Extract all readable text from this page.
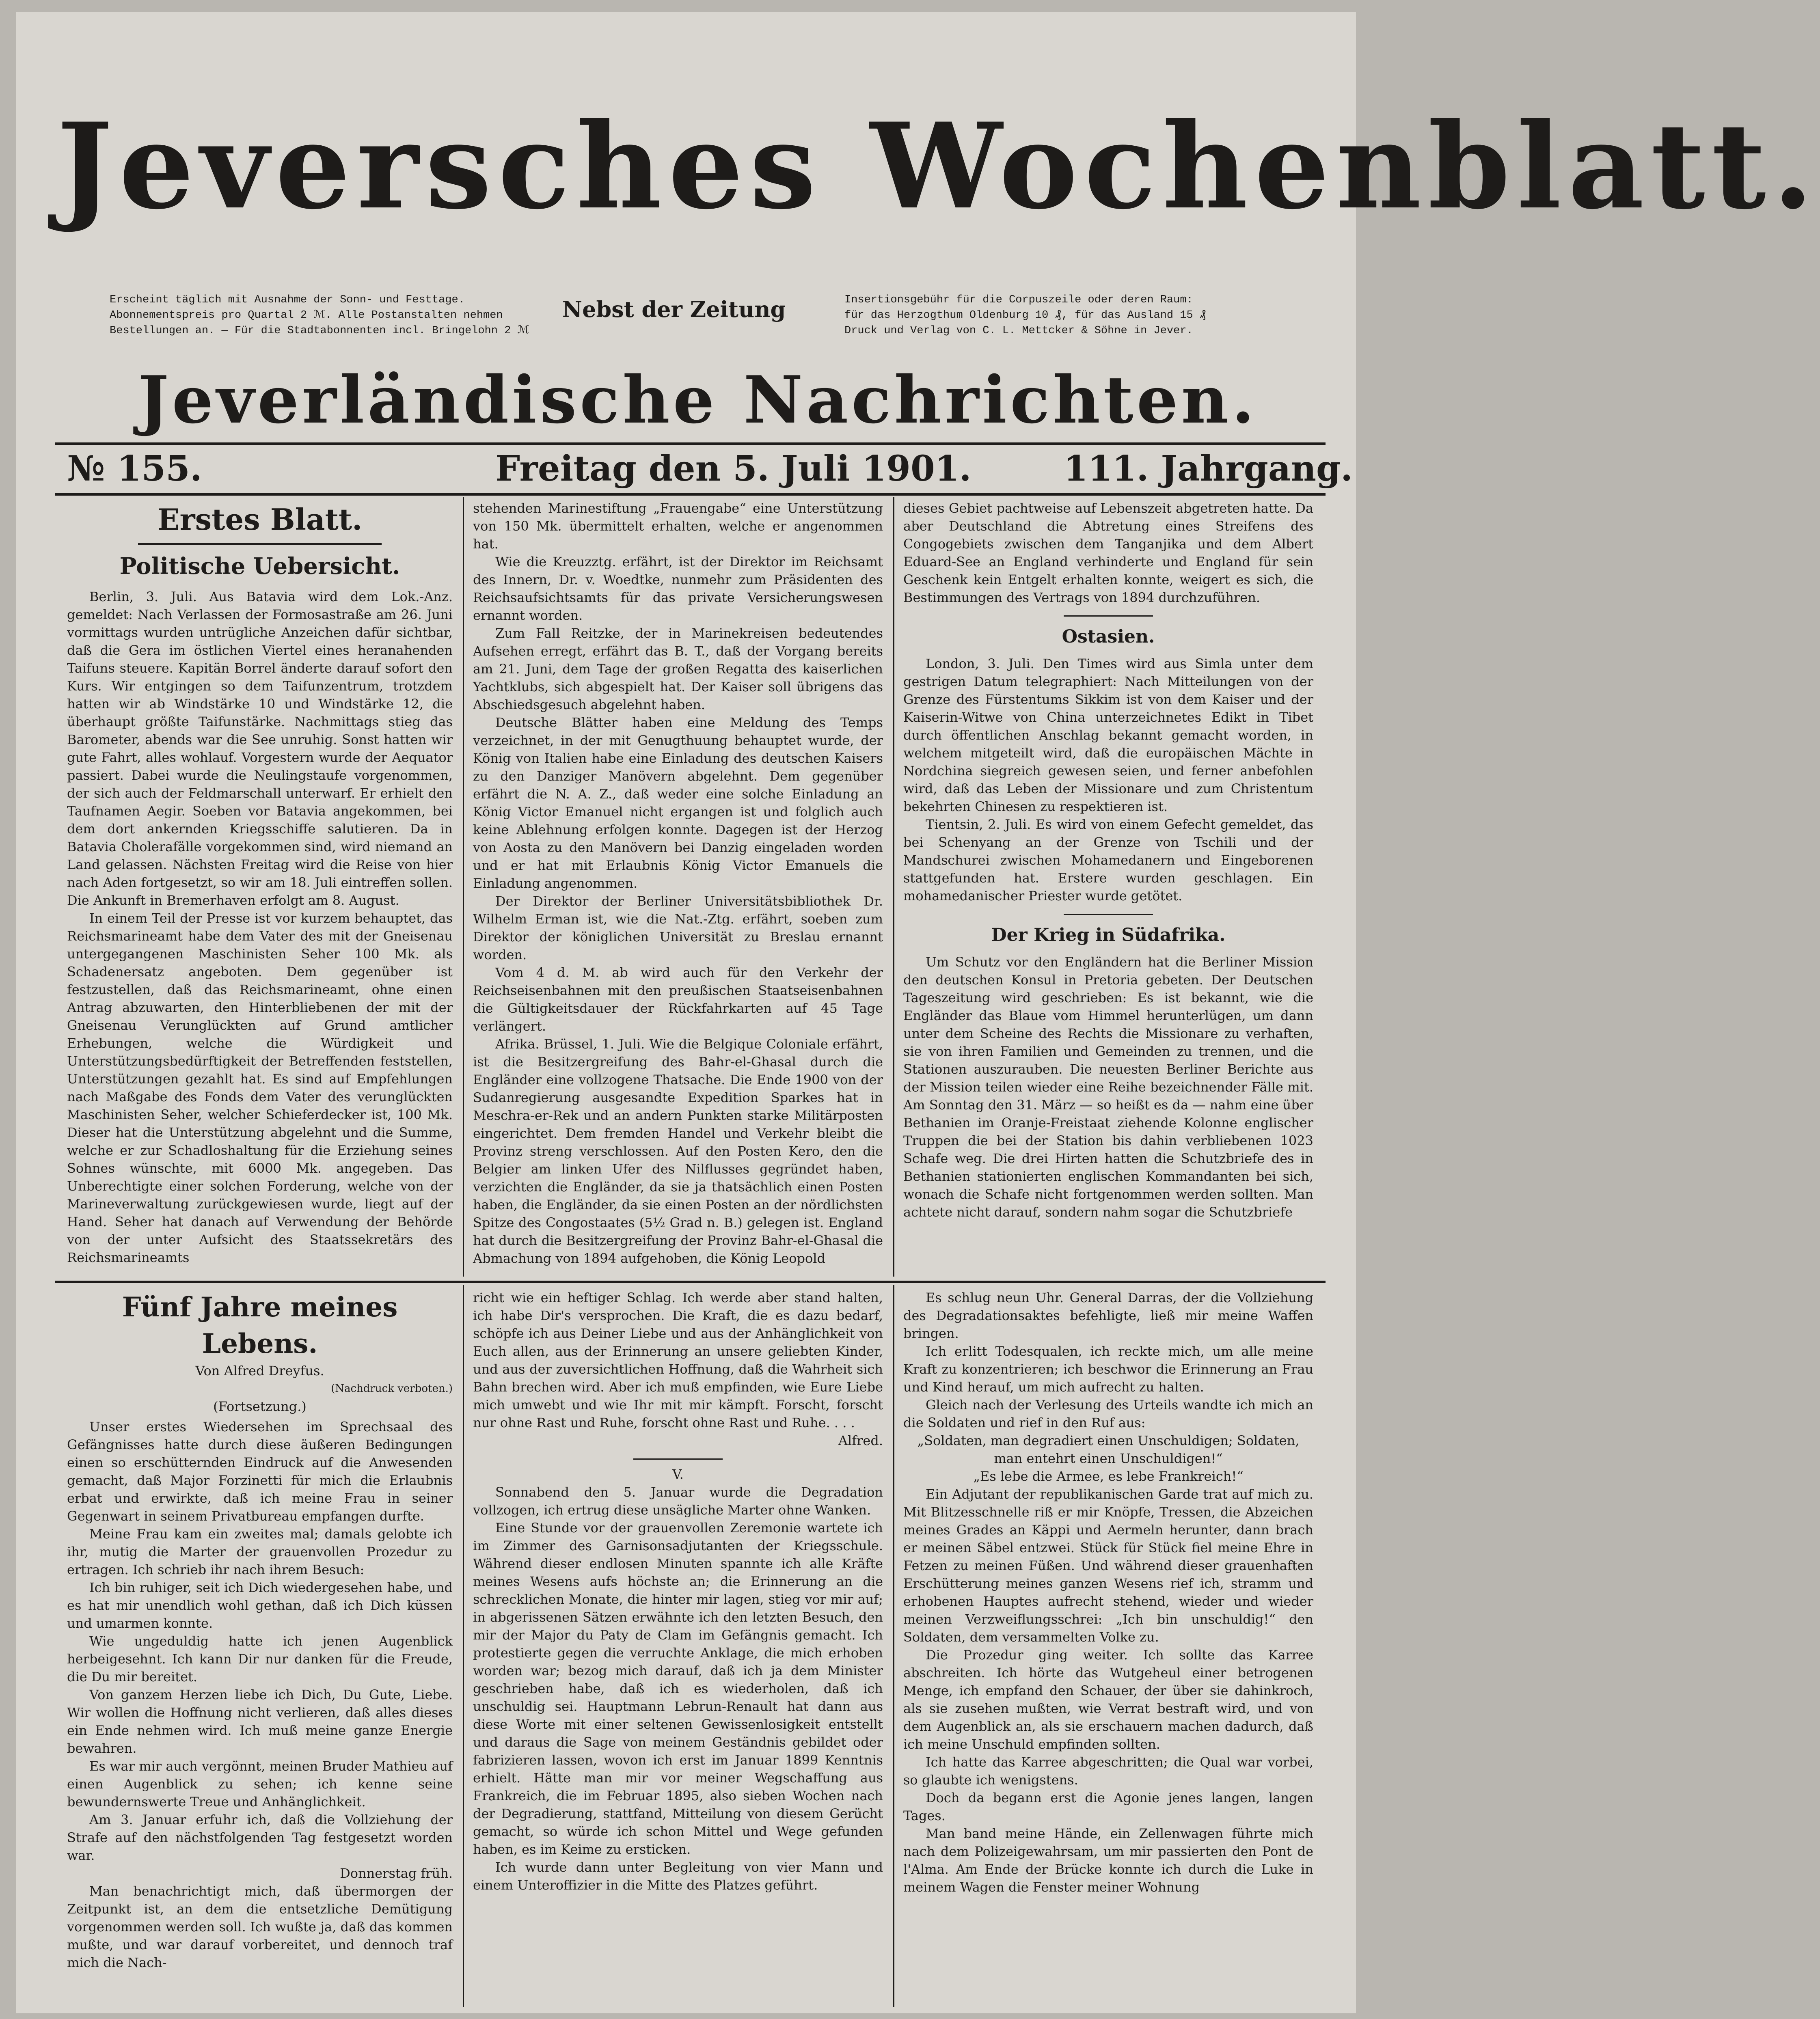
Jeversches Wochenblatt.
Erscheint täglich mit Ausnahme der Sonn- und Festtage.
Abonnementspreis pro Quartal 2 ℳ. Alle Postanstalten nehmen
Bestellungen an. — Für die Stadtabonnenten incl. Bringelohn 2 ℳ
Nebst der Zeitung	Insertionsgebühr für die Corpuszeile oder deren Raum:
für das Herzogthum Oldenburg 10 ₰, für das Ausland 15 ₰
Druck und Verlag von C. L. Mettcker & Söhne in Jever.
Jeverländische Nachrichten.
№ 155.	Freitag den 5. Juli 1901.	111. Jahrgang.
Erstes Blatt.
Politische Uebersicht.

Berlin, 3. Juli. Aus Batavia wird dem Lok.-Anz. gemeldet: Nach Verlassen der Formosastraße am 26. Juni vormittags wurden untrügliche Anzeichen dafür sichtbar, daß die Gera im östlichen Viertel eines heranahenden Taifuns steuere. Kapitän Borrel änderte darauf sofort den Kurs. Wir entgingen so dem Taifunzentrum, trotzdem hatten wir ab Windstärke 10 und Windstärke 12, die überhaupt größte Taifunstärke. Nachmittags stieg das Barometer, abends war die See unruhig. Sonst hatten wir gute Fahrt, alles wohlauf. Vorgestern wurde der Aequator passiert. Dabei wurde die Neulingstaufe vorgenommen, der sich auch der Feldmarschall unterwarf. Er erhielt den Taufnamen Aegir. Soeben vor Batavia angekommen, bei dem dort ankernden Kriegsschiffe salutieren. Da in Batavia Cholerafälle vorgekommen sind, wird niemand an Land gelassen. Nächsten Freitag wird die Reise von hier nach Aden fortgesetzt, so wir am 18. Juli eintreffen sollen. Die Ankunft in Bremerhaven erfolgt am 8. August.

In einem Teil der Presse ist vor kurzem behauptet, das Reichsmarineamt habe dem Vater des mit der Gneisenau untergegangenen Maschinisten Seher 100 Mk. als Schadenersatz angeboten. Dem gegenüber ist festzustellen, daß das Reichsmarineamt, ohne einen Antrag abzuwarten, den Hinterbliebenen der mit der Gneisenau Verunglückten auf Grund amtlicher Erhebungen, welche die Würdigkeit und Unterstützungsbedürftigkeit der Betreffenden feststellen, Unterstützungen gezahlt hat. Es sind auf Empfehlungen nach Maßgabe des Fonds dem Vater des verunglückten Maschinisten Seher, welcher Schieferdecker ist, 100 Mk. Dieser hat die Unterstützung abgelehnt und die Summe, welche er zur Schadloshaltung für die Erziehung seines Sohnes wünschte, mit 6000 Mk. angegeben. Das Unberechtigte einer solchen Forderung, welche von der Marineverwaltung zurückgewiesen wurde, liegt auf der Hand. Seher hat danach auf Verwendung der Behörde von der unter Aufsicht des Staatssekretärs des Reichsmarineamts

stehenden Marinestiftung „Frauengabe“ eine Unterstützung von 150 Mk. übermittelt erhalten, welche er angenommen hat.

Wie die Kreuzztg. erfährt, ist der Direktor im Reichsamt des Innern, Dr. v. Woedtke, nunmehr zum Präsidenten des Reichsaufsichtsamts für das private Versicherungswesen ernannt worden.

Zum Fall Reitzke, der in Marinekreisen bedeutendes Aufsehen erregt, erfährt das B. T., daß der Vorgang bereits am 21. Juni, dem Tage der großen Regatta des kaiserlichen Yachtklubs, sich abgespielt hat. Der Kaiser soll übrigens das Abschiedsgesuch abgelehnt haben.

Deutsche Blätter haben eine Meldung des Temps verzeichnet, in der mit Genugthuung behauptet wurde, der König von Italien habe eine Einladung des deutschen Kaisers zu den Danziger Manövern abgelehnt. Dem gegenüber erfährt die N. A. Z., daß weder eine solche Einladung an König Victor Emanuel nicht ergangen ist und folglich auch keine Ablehnung erfolgen konnte. Dagegen ist der Herzog von Aosta zu den Manövern bei Danzig eingeladen worden und er hat mit Erlaubnis König Victor Emanuels die Einladung angenommen.

Der Direktor der Berliner Universitätsbibliothek Dr. Wilhelm Erman ist, wie die Nat.-Ztg. erfährt, soeben zum Direktor der königlichen Universität zu Breslau ernannt worden.

Vom 4 d. M. ab wird auch für den Verkehr der Reichseisenbahnen mit den preußischen Staatseisenbahnen die Gültigkeitsdauer der Rückfahrkarten auf 45 Tage verlängert.

Afrika. Brüssel, 1. Juli. Wie die Belgique Coloniale erfährt, ist die Besitzergreifung des Bahr-el-Ghasal durch die Engländer eine vollzogene Thatsache. Die Ende 1900 von der Sudanregierung ausgesandte Expedition Sparkes hat in Meschra-er-Rek und an andern Punkten starke Militärposten eingerichtet. Dem fremden Handel und Verkehr bleibt die Provinz streng verschlossen. Auf den Posten Kero, den die Belgier am linken Ufer des Nilflusses gegründet haben, verzichten die Engländer, da sie ja thatsächlich einen Posten haben, die Engländer, da sie einen Posten an der nördlichsten Spitze des Congostaates (5½ Grad n. B.) gelegen ist. England hat durch die Besitzergreifung der Provinz Bahr-el-Ghasal die Abmachung von 1894 aufgehoben, die König Leopold

dieses Gebiet pachtweise auf Lebenszeit abgetreten hatte. Da aber Deutschland die Abtretung eines Streifens des Congogebiets zwischen dem Tanganjika und dem Albert Eduard-See an England verhinderte und England für sein Geschenk kein Entgelt erhalten konnte, weigert es sich, die Bestimmungen des Vertrags von 1894 durchzuführen.

Ostasien.

London, 3. Juli. Den Times wird aus Simla unter dem gestrigen Datum telegraphiert: Nach Mitteilungen von der Grenze des Fürstentums Sikkim ist von dem Kaiser und der Kaiserin-Witwe von China unterzeichnetes Edikt in Tibet durch öffentlichen Anschlag bekannt gemacht worden, in welchem mitgeteilt wird, daß die europäischen Mächte in Nordchina siegreich gewesen seien, und ferner anbefohlen wird, daß das Leben der Missionare und zum Christentum bekehrten Chinesen zu respektieren ist.

Tientsin, 2. Juli. Es wird von einem Gefecht gemeldet, das bei Schenyang an der Grenze von Tschili und der Mandschurei zwischen Mohamedanern und Eingeborenen stattgefunden hat. Erstere wurden geschlagen. Ein mohamedanischer Priester wurde getötet.

Der Krieg in Südafrika.

Um Schutz vor den Engländern hat die Berliner Mission den deutschen Konsul in Pretoria gebeten. Der Deutschen Tageszeitung wird geschrieben: Es ist bekannt, wie die Engländer das Blaue vom Himmel herunterlügen, um dann unter dem Scheine des Rechts die Missionare zu verhaften, sie von ihren Familien und Gemeinden zu trennen, und die Stationen auszurauben. Die neuesten Berliner Berichte aus der Mission teilen wieder eine Reihe bezeichnender Fälle mit. Am Sonntag den 31. März — so heißt es da — nahm eine über Bethanien im Oranje-Freistaat ziehende Kolonne englischer Truppen die bei der Station bis dahin verbliebenen 1023 Schafe weg. Die drei Hirten hatten die Schutzbriefe des in Bethanien stationierten englischen Kommandanten bei sich, wonach die Schafe nicht fortgenommen werden sollten. Man achtete nicht darauf, sondern nahm sogar die Schutzbriefe

Fünf Jahre meines Lebens.
Von Alfred Dreyfus.
(Nachdruck verboten.)
(Fortsetzung.)

Unser erstes Wiedersehen im Sprechsaal des Gefängnisses hatte durch diese äußeren Bedingungen einen so erschütternden Eindruck auf die Anwesenden gemacht, daß Major Forzinetti für mich die Erlaubnis erbat und erwirkte, daß ich meine Frau in seiner Gegenwart in seinem Privatbureau empfangen durfte.

Meine Frau kam ein zweites mal; damals gelobte ich ihr, mutig die Marter der grauenvollen Prozedur zu ertragen. Ich schrieb ihr nach ihrem Besuch:

Ich bin ruhiger, seit ich Dich wiedergesehen habe, und es hat mir unendlich wohl gethan, daß ich Dich küssen und umarmen konnte.

Wie ungeduldig hatte ich jenen Augenblick herbeigesehnt. Ich kann Dir nur danken für die Freude, die Du mir bereitet.

Von ganzem Herzen liebe ich Dich, Du Gute, Liebe. Wir wollen die Hoffnung nicht verlieren, daß alles dieses ein Ende nehmen wird. Ich muß meine ganze Energie bewahren.

Es war mir auch vergönnt, meinen Bruder Mathieu auf einen Augenblick zu sehen; ich kenne seine bewundernswerte Treue und Anhänglichkeit.

Am 3. Januar erfuhr ich, daß die Vollziehung der Strafe auf den nächstfolgenden Tag festgesetzt worden war.

Donnerstag früh.

Man benachrichtigt mich, daß übermorgen der Zeitpunkt ist, an dem die entsetzliche Demütigung vorgenommen werden soll. Ich wußte ja, daß das kommen mußte, und war darauf vorbereitet, und dennoch traf mich die Nach-

richt wie ein heftiger Schlag. Ich werde aber stand halten, ich habe Dir's versprochen. Die Kraft, die es dazu bedarf, schöpfe ich aus Deiner Liebe und aus der Anhänglichkeit von Euch allen, aus der Erinnerung an unsere geliebten Kinder, und aus der zuversichtlichen Hoffnung, daß die Wahrheit sich Bahn brechen wird. Aber ich muß empfinden, wie Eure Liebe mich umwebt und wie Ihr mit mir kämpft. Forscht, forscht nur ohne Rast und Ruhe, forscht ohne Rast und Ruhe. . . .

Alfred.

V.

Sonnabend den 5. Januar wurde die Degradation vollzogen, ich ertrug diese unsägliche Marter ohne Wanken.

Eine Stunde vor der grauenvollen Zeremonie wartete ich im Zimmer des Garnisonsadjutanten der Kriegsschule. Während dieser endlosen Minuten spannte ich alle Kräfte meines Wesens aufs höchste an; die Erinnerung an die schrecklichen Monate, die hinter mir lagen, stieg vor mir auf; in abgerissenen Sätzen erwähnte ich den letzten Besuch, den mir der Major du Paty de Clam im Gefängnis gemacht. Ich protestierte gegen die verruchte Anklage, die mich erhoben worden war; bezog mich darauf, daß ich ja dem Minister geschrieben habe, daß ich es wiederholen, daß ich unschuldig sei. Hauptmann Lebrun-Renault hat dann aus diese Worte mit einer seltenen Gewissenlosigkeit entstellt und daraus die Sage von meinem Geständnis gebildet oder fabrizieren lassen, wovon ich erst im Januar 1899 Kenntnis erhielt. Hätte man mir vor meiner Wegschaffung aus Frankreich, die im Februar 1895, also sieben Wochen nach der Degradierung, stattfand, Mitteilung von diesem Gerücht gemacht, so würde ich schon Mittel und Wege gefunden haben, es im Keime zu ersticken.

Ich wurde dann unter Begleitung von vier Mann und einem Unteroffizier in die Mitte des Platzes geführt.

Es schlug neun Uhr. General Darras, der die Vollziehung des Degradationsaktes befehligte, ließ mir meine Waffen bringen.

Ich erlitt Todesqualen, ich reckte mich, um alle meine Kraft zu konzentrieren; ich beschwor die Erinnerung an Frau und Kind herauf, um mich aufrecht zu halten.

Gleich nach der Verlesung des Urteils wandte ich mich an die Soldaten und rief in den Ruf aus:

„Soldaten, man degradiert einen Unschuldigen; Soldaten, man entehrt einen Unschuldigen!“

„Es lebe die Armee, es lebe Frankreich!“

Ein Adjutant der republikanischen Garde trat auf mich zu. Mit Blitzesschnelle riß er mir Knöpfe, Tressen, die Abzeichen meines Grades an Käppi und Aermeln herunter, dann brach er meinen Säbel entzwei. Stück für Stück fiel meine Ehre in Fetzen zu meinen Füßen. Und während dieser grauenhaften Erschütterung meines ganzen Wesens rief ich, stramm und erhobenen Hauptes aufrecht stehend, wieder und wieder meinen Verzweiflungsschrei: „Ich bin unschuldig!“ den Soldaten, dem versammelten Volke zu.

Die Prozedur ging weiter. Ich sollte das Karree abschreiten. Ich hörte das Wutgeheul einer betrogenen Menge, ich empfand den Schauer, der über sie dahinkroch, als sie zusehen mußten, wie Verrat bestraft wird, und von dem Augenblick an, als sie erschauern machen dadurch, daß ich meine Unschuld empfinden sollten.

Ich hatte das Karree abgeschritten; die Qual war vorbei, so glaubte ich wenigstens.

Doch da begann erst die Agonie jenes langen, langen Tages.

Man band meine Hände, ein Zellenwagen führte mich nach dem Polizeigewahrsam, um mir passierten den Pont de l'Alma. Am Ende der Brücke konnte ich durch die Luke in meinem Wagen die Fenster meiner Wohnung
